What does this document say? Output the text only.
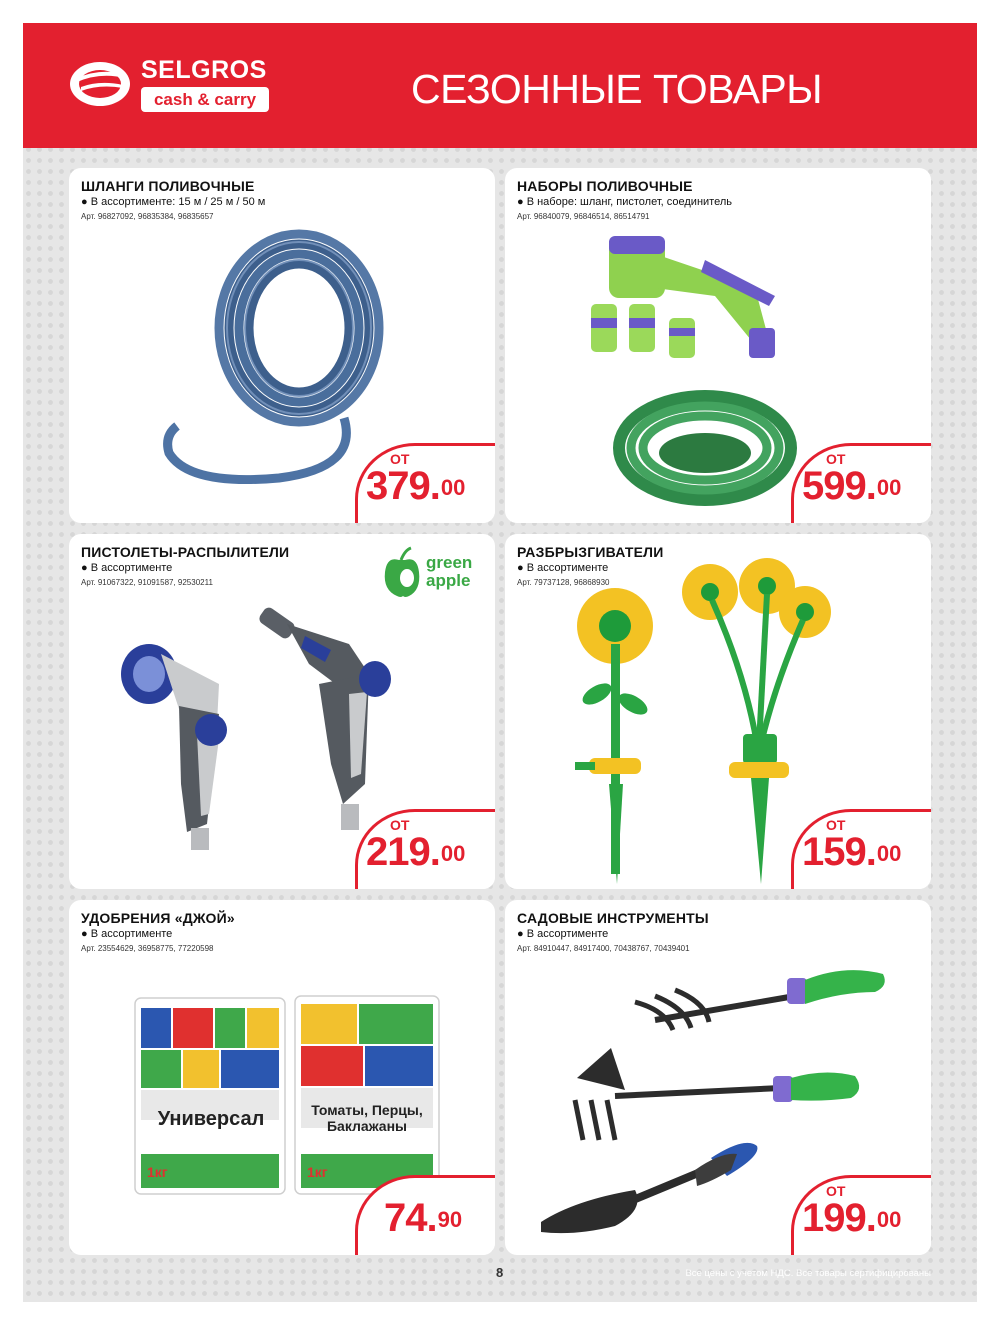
SELGROS
cash & carry	СЕЗОННЫЕ ТОВАРЫ
ШЛАНГИ ПОЛИВОЧНЫЕ
● В ассортименте: 15 м / 25 м / 50 м
Арт. 96827092, 96835384, 96835657
ОТ
379.00
НАБОРЫ ПОЛИВОЧНЫЕ
● В наборе: шланг, пистолет, соединитель
Арт. 96840079, 96846514, 86514791
ОТ
599.00
green
apple
ПИСТОЛЕТЫ-РАСПЫЛИТЕЛИ
● В ассортименте
Арт. 91067322, 91091587, 92530211
ОТ
219.00
РАЗБРЫЗГИВАТЕЛИ
● В ассортименте
Арт. 79737128, 96868930
ОТ
159.00
Универсал
1кг
Томаты, Перцы,
Баклажаны
1кг
УДОБРЕНИЯ «ДЖОЙ»
● В ассортименте
Арт. 23554629, 36958775, 77220598
74.90
САДОВЫЕ ИНСТРУМЕНТЫ
● В ассортименте
Арт. 84910447, 84917400, 70438767, 70439401
ОТ
199.00
8	Все цены с учетом НДС. Все товары сертифицированы
